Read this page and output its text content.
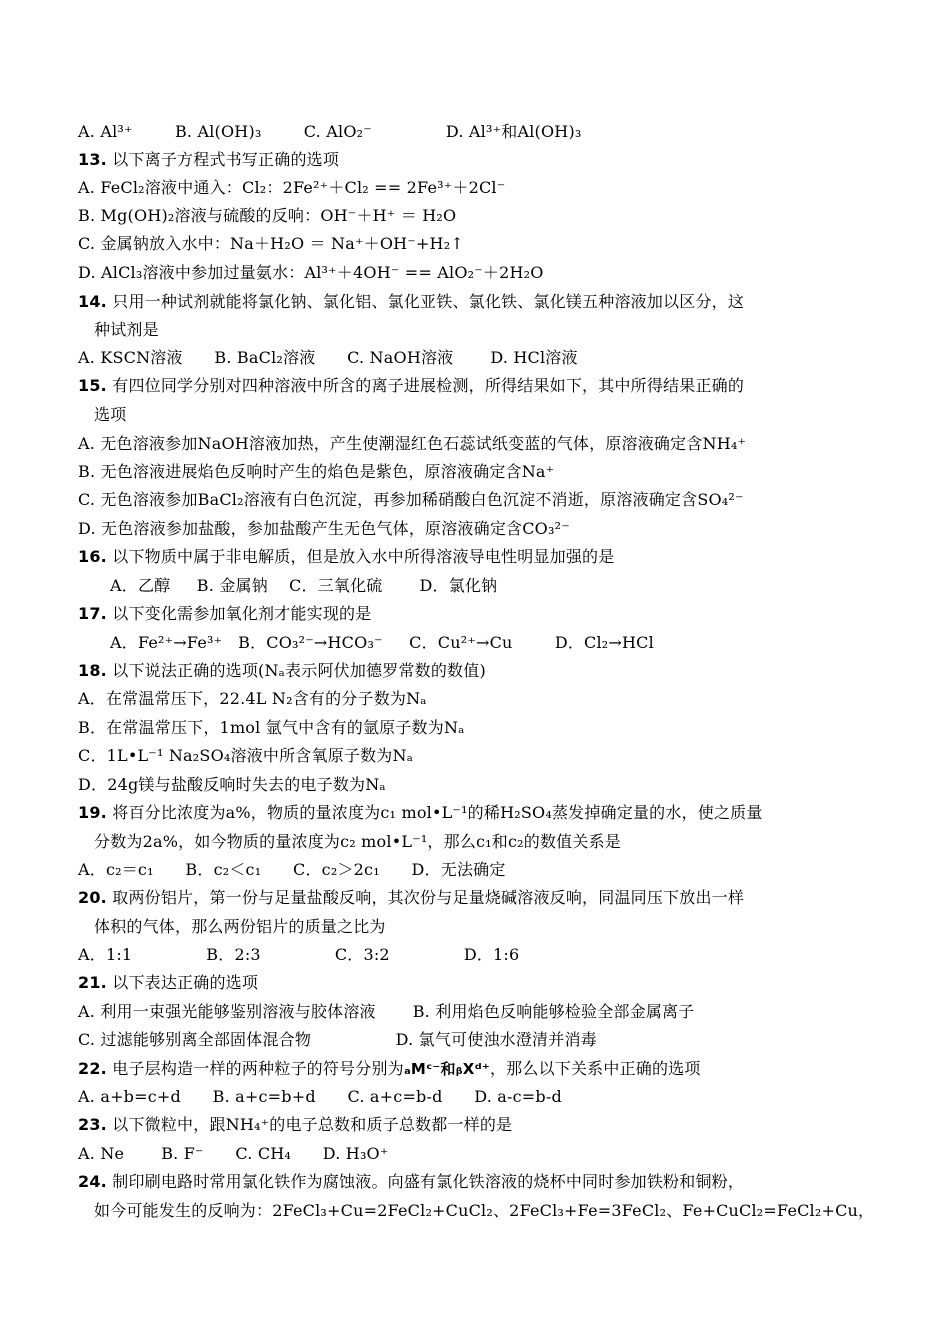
A. Al³⁺        B. Al(OH)₃        C. AlO₂⁻              D. Al³⁺和Al(OH)₃
13. 以下离子方程式书写正确的选项
A. FeCl₂溶液中通入：Cl₂：2Fe²⁺＋Cl₂ == 2Fe³⁺＋2Cl⁻
B. Mg(OH)₂溶液与硫酸的反响：OH⁻＋H⁺ ＝ H₂O
C. 金属钠放入水中：Na＋H₂O ＝ Na⁺＋OH⁻+H₂↑
D. AlCl₃溶液中参加过量氨水：Al³⁺＋4OH⁻ == AlO₂⁻＋2H₂O
14. 只用一种试剂就能将氯化钠、氯化铝、氯化亚铁、氯化铁、氯化镁五种溶液加以区分，这
种试剂是
A. KSCN溶液      B. BaCl₂溶液      C. NaOH溶液       D. HCl溶液
15. 有四位同学分别对四种溶液中所含的离子进展检测，所得结果如下，其中所得结果正确的
选项
A. 无色溶液参加NaOH溶液加热，产生使潮湿红色石蕊试纸变蓝的气体，原溶液确定含NH₄⁺
B. 无色溶液进展焰色反响时产生的焰色是紫色，原溶液确定含Na⁺
C. 无色溶液参加BaCl₂溶液有白色沉淀，再参加稀硝酸白色沉淀不消逝，原溶液确定含SO₄²⁻
D. 无色溶液参加盐酸，参加盐酸产生无色气体，原溶液确定含CO₃²⁻
16. 以下物质中属于非电解质，但是放入水中所得溶液导电性明显加强的是
A．乙醇     B. 金属钠    C．三氧化硫       D．氯化钠
17. 以下变化需参加氧化剂才能实现的是
A．Fe²⁺→Fe³⁺   B．CO₃²⁻→HCO₃⁻     C．Cu²⁺→Cu        D．Cl₂→HCl
18. 以下说法正确的选项(Nₐ表示阿伏加德罗常数的数值)
A．在常温常压下，22.4L N₂含有的分子数为Nₐ
B．在常温常压下，1mol 氩气中含有的氩原子数为Nₐ
C．1L•L⁻¹ Na₂SO₄溶液中所含氧原子数为Nₐ
D．24g镁与盐酸反响时失去的电子数为Nₐ
19. 将百分比浓度为a%，物质的量浓度为c₁ mol•L⁻¹的稀H₂SO₄蒸发掉确定量的水，使之质量
分数为2a%，如今物质的量浓度为c₂ mol•L⁻¹，那么c₁和c₂的数值关系是
A．c₂＝c₁      B．c₂＜c₁      C．c₂＞2c₁      D．无法确定
20. 取两份铝片，第一份与足量盐酸反响，其次份与足量烧碱溶液反响，同温同压下放出一样
体积的气体，那么两份铝片的质量之比为
A．1:1              B．2:3              C．3:2              D．1:6
21. 以下表达正确的选项
A. 利用一束强光能够鉴别溶液与胶体溶液       B. 利用焰色反响能够检验全部金属离子
C. 过滤能够别离全部固体混合物                D. 氯气可使浊水澄清并消毒
22. 电子层构造一样的两种粒子的符号分别为ₐMᶜ⁻和ᵦXᵈ⁺，那么以下关系中正确的选项
A. a+b=c+d      B. a+c=b+d      C. a+c=b-d      D. a-c=b-d
23. 以下微粒中，跟NH₄⁺的电子总数和质子总数都一样的是
A. Ne       B. F⁻      C. CH₄      D. H₃O⁺
24. 制印刷电路时常用氯化铁作为腐蚀液。向盛有氯化铁溶液的烧杯中同时参加铁粉和铜粉，
如今可能发生的反响为：2FeCl₃+Cu=2FeCl₂+CuCl₂、2FeCl₃+Fe=3FeCl₂、Fe+CuCl₂=FeCl₂+Cu，
